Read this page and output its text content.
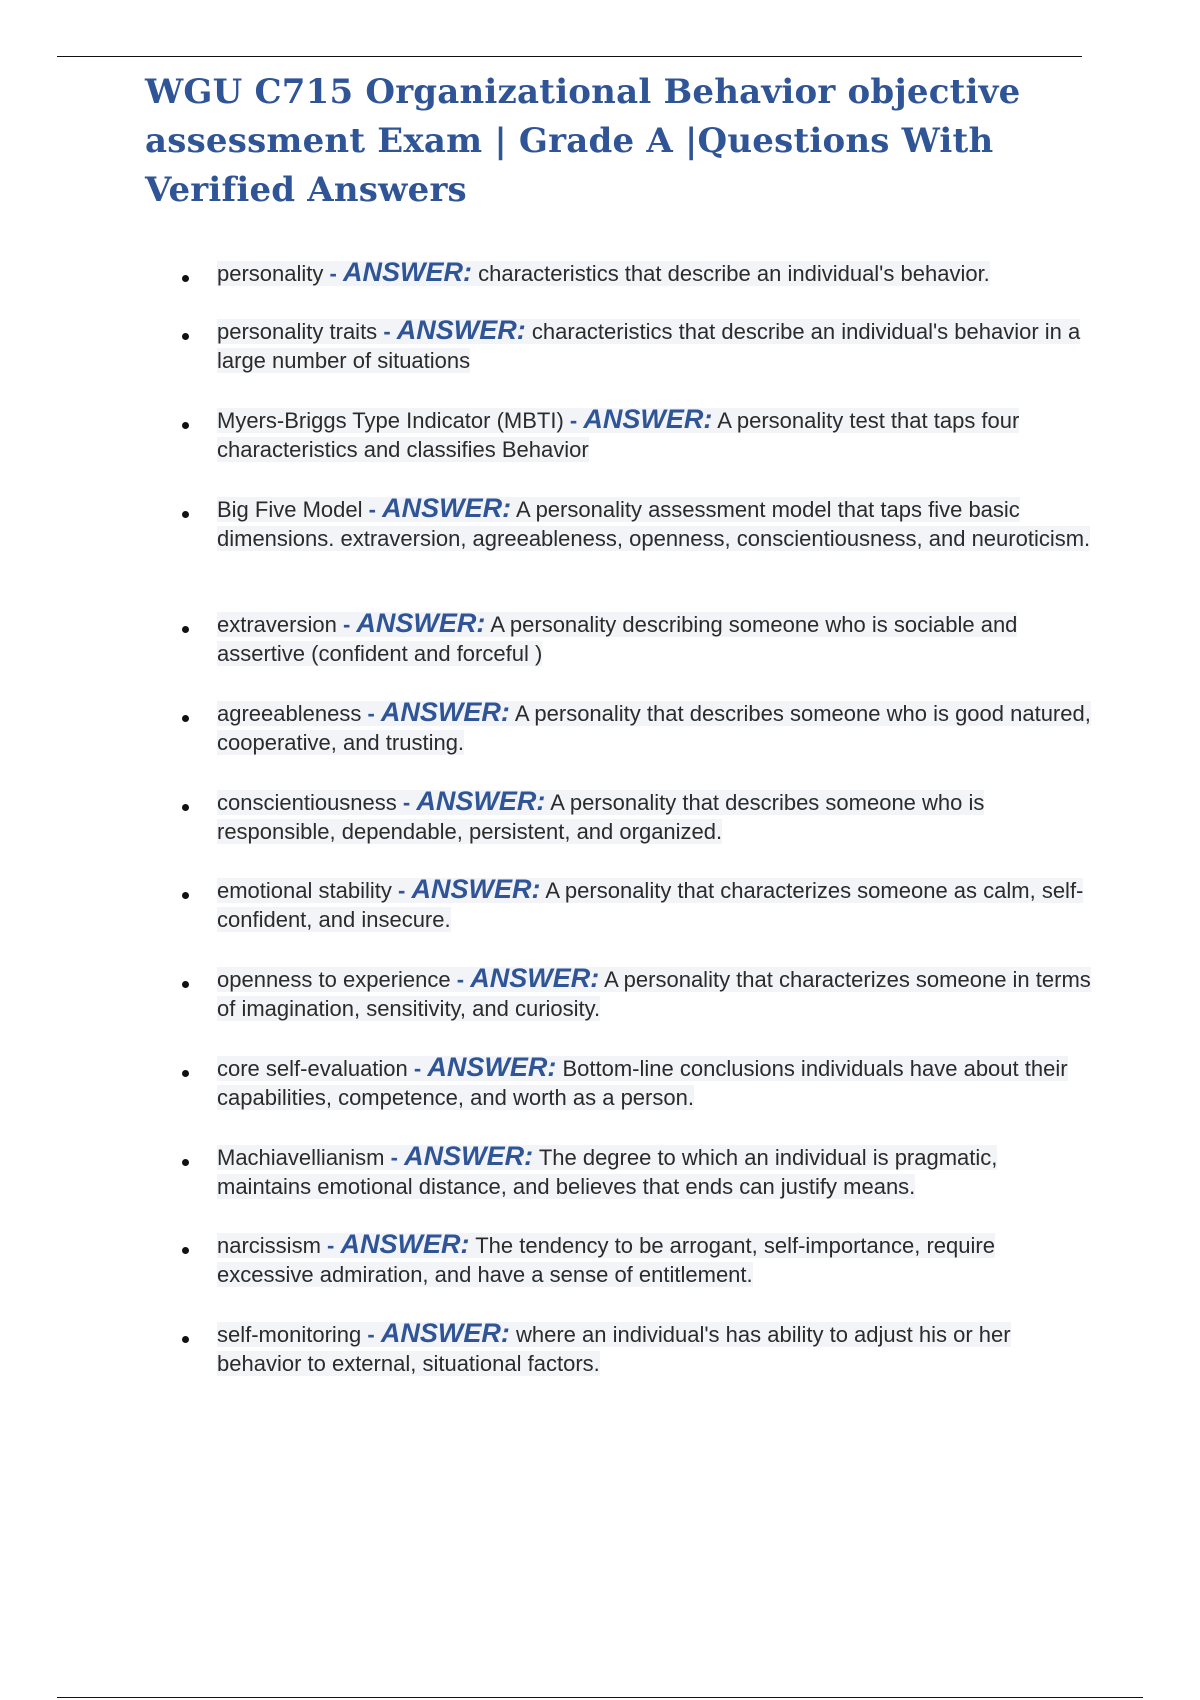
WGU C715 Organizational Behavior objective assessment Exam | Grade A |Questions With Verified Answers
personality - ANSWER: characteristics that describe an individual's behavior.
personality traits - ANSWER: characteristics that describe an individual's behavior in a large number of situations
Myers-Briggs Type Indicator (MBTI) - ANSWER: A personality test that taps four characteristics and classifies Behavior
Big Five Model - ANSWER: A personality assessment model that taps five basic dimensions. extraversion, agreeableness, openness, conscientiousness, and neuroticism.
extraversion - ANSWER: A personality describing someone who is sociable and assertive (confident and forceful )
agreeableness - ANSWER: A personality that describes someone who is good natured, cooperative, and trusting.
conscientiousness - ANSWER: A personality that describes someone who is responsible, dependable, persistent, and organized.
emotional stability - ANSWER: A personality that characterizes someone as calm, self-confident, and insecure.
openness to experience - ANSWER: A personality that characterizes someone in terms of imagination, sensitivity, and curiosity.
core self-evaluation - ANSWER: Bottom-line conclusions individuals have about their capabilities, competence, and worth as a person.
Machiavellianism - ANSWER: The degree to which an individual is pragmatic, maintains emotional distance, and believes that ends can justify means.
narcissism - ANSWER: The tendency to be arrogant, self-importance, require excessive admiration, and have a sense of entitlement.
self-monitoring - ANSWER: where an individual's has ability to adjust his or her behavior to external, situational factors.
